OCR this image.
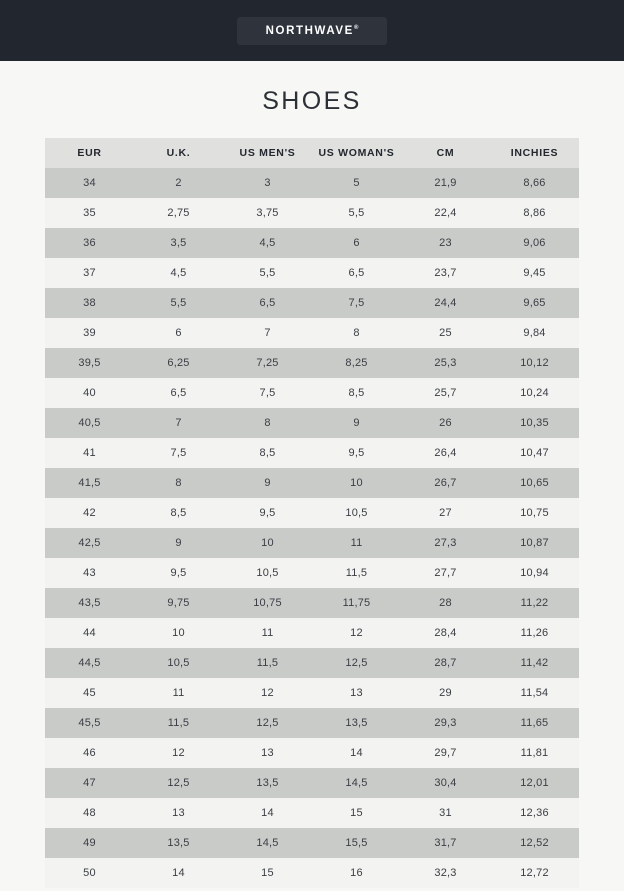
NORTHWAVE®
SHOES
EUR	U.K.	US MEN'S	US WOMAN'S	CM	INCHIES
34	2	3	5	21,9	8,66
35	2,75	3,75	5,5	22,4	8,86
36	3,5	4,5	6	23	9,06
37	4,5	5,5	6,5	23,7	9,45
38	5,5	6,5	7,5	24,4	9,65
39	6	7	8	25	9,84
39,5	6,25	7,25	8,25	25,3	10,12
40	6,5	7,5	8,5	25,7	10,24
40,5	7	8	9	26	10,35
41	7,5	8,5	9,5	26,4	10,47
41,5	8	9	10	26,7	10,65
42	8,5	9,5	10,5	27	10,75
42,5	9	10	11	27,3	10,87
43	9,5	10,5	11,5	27,7	10,94
43,5	9,75	10,75	11,75	28	11,22
44	10	11	12	28,4	11,26
44,5	10,5	11,5	12,5	28,7	11,42
45	11	12	13	29	11,54
45,5	11,5	12,5	13,5	29,3	11,65
46	12	13	14	29,7	11,81
47	12,5	13,5	14,5	30,4	12,01
48	13	14	15	31	12,36
49	13,5	14,5	15,5	31,7	12,52
50	14	15	16	32,3	12,72
